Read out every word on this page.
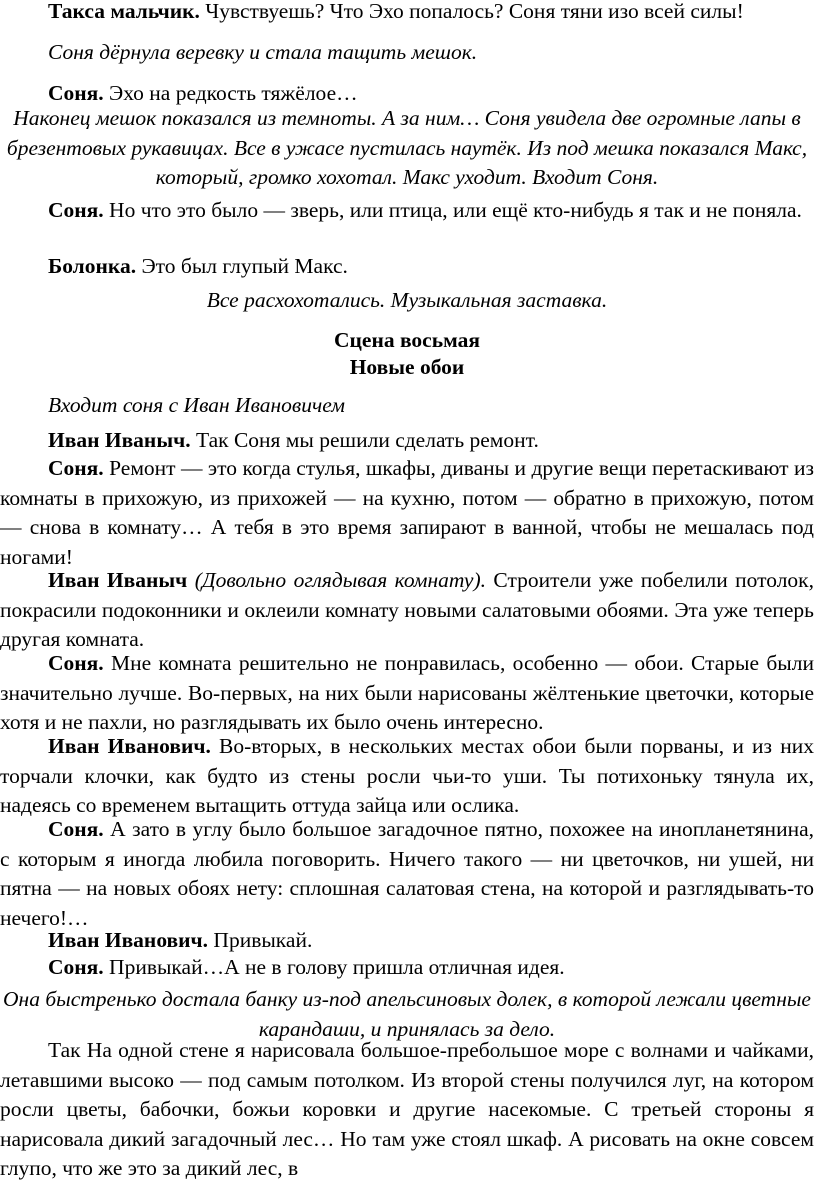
Такса мальчик. Чувствуешь? Что Эхо попалось? Соня тяни изо всей силы!

Соня дёрнула веревку и стала тащить мешок.

Соня. Эхо на редкость тяжёлое…

Наконец мешок показался из темноты. А за ним… Соня увидела две огромные лапы в брезентовых рукавицах. Все в ужасе пустилась наутёк. Из под мешка показался Макс, который, громко хохотал. Макс уходит. Входит Соня.

Соня. Но что это было — зверь, или птица, или ещё кто-нибудь я так и не поняла.

Болонка. Это был глупый Макс.

Все расхохотались. Музыкальная заставка.

Сцена восьмая

Новые обои

Входит соня с Иван Ивановичем

Иван Иваныч. Так Соня мы решили сделать ремонт.

Соня. Ремонт — это когда стулья, шкафы, диваны и другие вещи перетаскивают из комнаты в прихожую, из прихожей — на кухню, потом — обратно в прихожую, потом — снова в комнату… А тебя в это время запирают в ванной, чтобы не мешалась под ногами!

Иван Иваныч (Довольно оглядывая комнату). Строители уже побелили потолок, покрасили подоконники и оклеили комнату новыми салатовыми обоями. Эта уже теперь другая комната.

Соня. Мне комната решительно не понравилась, особенно — обои. Старые были значительно лучше. Во-первых, на них были нарисованы жёлтенькие цветочки, которые хотя и не пахли, но разглядывать их было очень интересно.

Иван Иванович. Во-вторых, в нескольких местах обои были порваны, и из них торчали клочки, как будто из стены росли чьи-то уши. Ты потихоньку тянула их, надеясь со временем вытащить оттуда зайца или ослика.

Соня. А зато в углу было большое загадочное пятно, похожее на инопланетянина, с которым я иногда любила поговорить. Ничего такого — ни цветочков, ни ушей, ни пятна — на новых обоях нету: сплошная салатовая стена, на которой и разглядывать-то нечего!…

Иван Иванович. Привыкай.

Соня. Привыкай…А не в голову пришла отличная идея.

Она быстренько достала банку из-под апельсиновых долек, в которой лежали цветные карандаши, и принялась за дело.

Так На одной стене я нарисовала большое-пребольшое море с волнами и чайками, летавшими высоко — под самым потолком. Из второй стены получился луг, на котором росли цветы, бабочки, божьи коровки и другие насекомые. С третьей стороны я нарисовала дикий загадочный лес… Но там уже стоял шкаф. А рисовать на окне совсем глупо, что же это за дикий лес, в
